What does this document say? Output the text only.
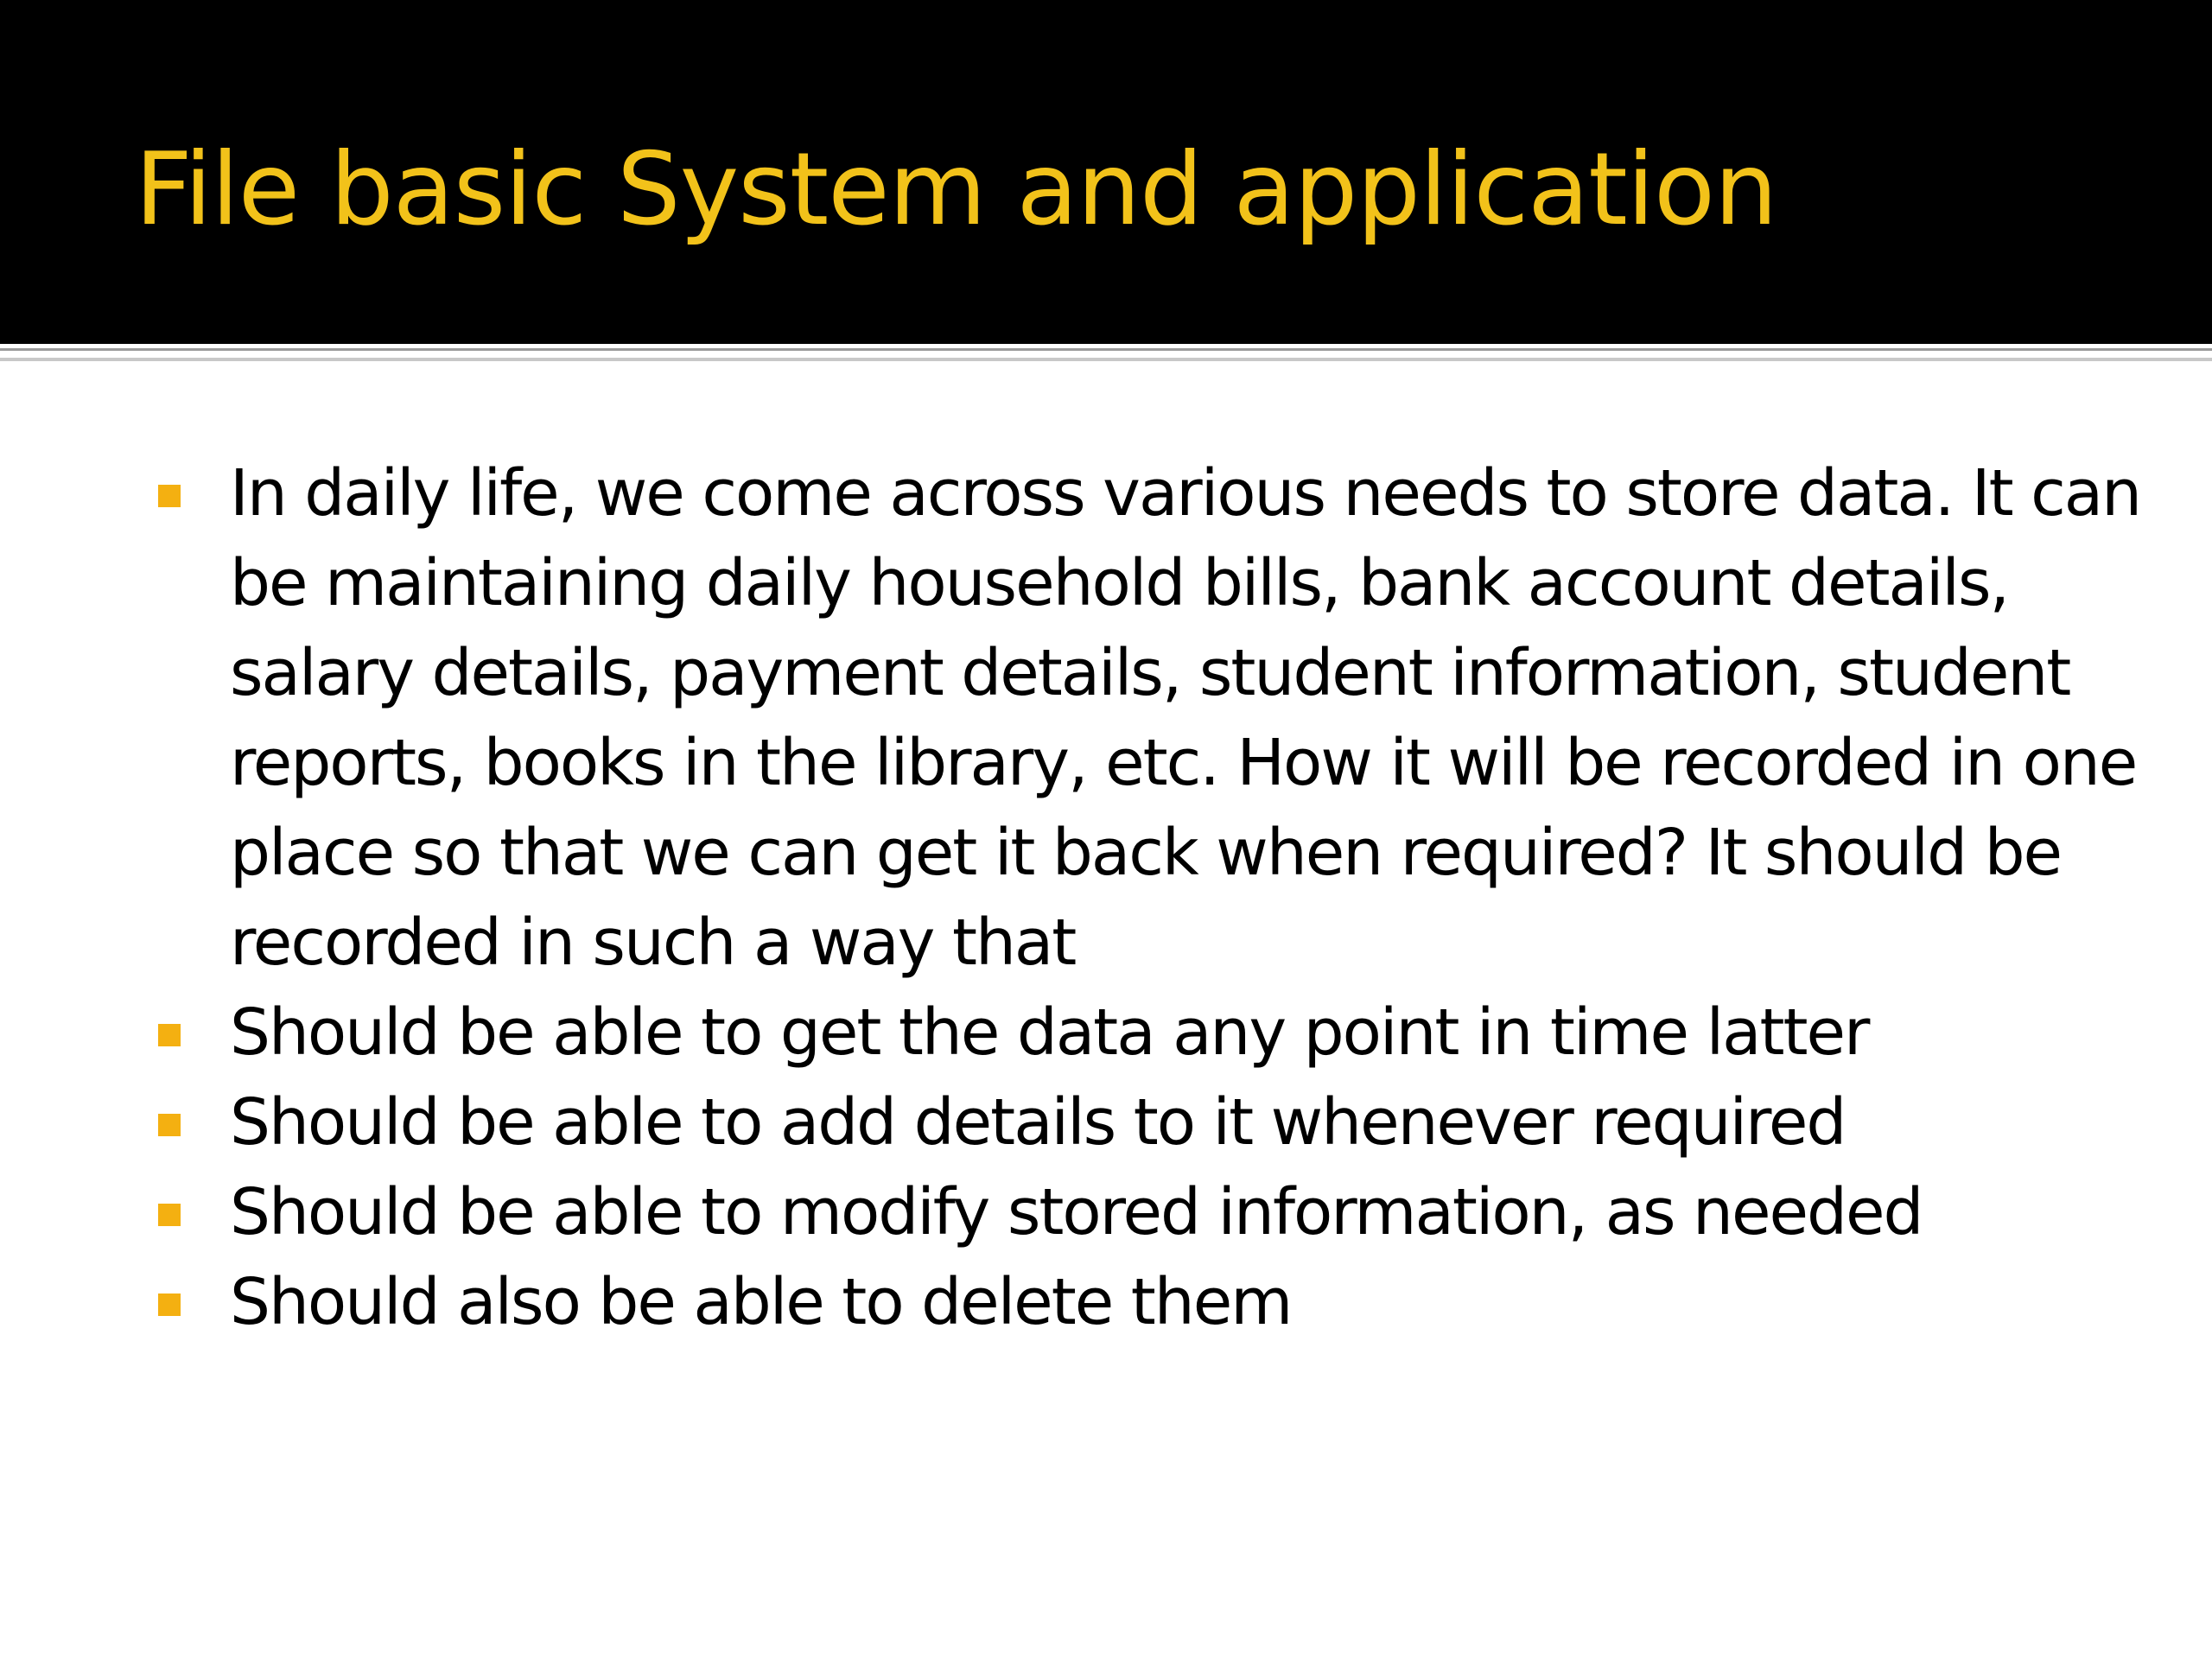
File basic System and application
In daily life, we come across various needs to store data. It can be maintaining daily household bills, bank account details, salary details, payment details, student information, student reports, books in the library, etc. How it will be recorded in one place so that we can get it back when required? It should be recorded in such a way that
Should be able to get the data any point in time latter
Should be able to add details to it whenever required
Should be able to modify stored information, as needed
Should also be able to delete them
